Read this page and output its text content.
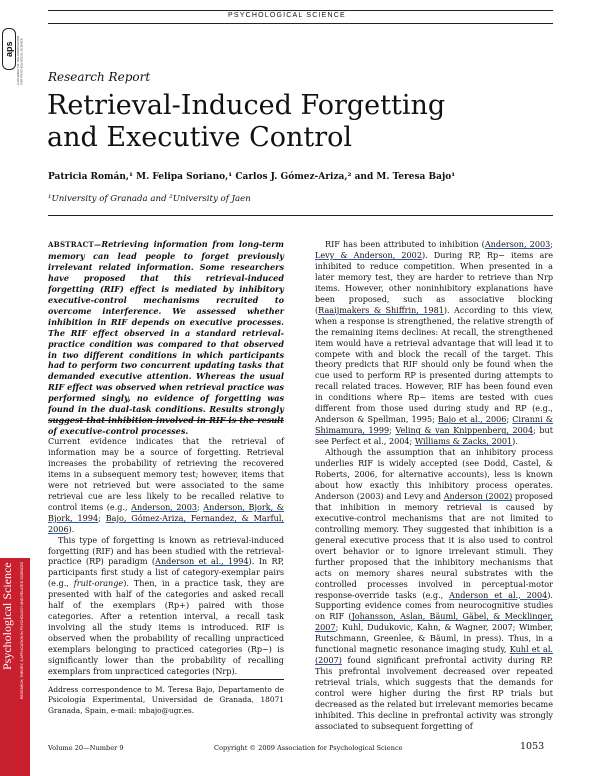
aps A JOURNAL OF THE ASSOCIATION FOR PSYCHOLOGICAL SCIENCE
Psychological Science RESEARCH, THEORY, & APPLICATION IN PSYCHOLOGY AND RELATED SCIENCES
PSYCHOLOGICAL SCIENCE
Research Report
Retrieval-Induced Forgetting
and Executive Control
Patricia Román,¹ M. Felipa Soriano,¹ Carlos J. Gómez-Ariza,² and M. Teresa Bajo¹
¹University of Granada and ²University of Jaen
ABSTRACT—Retrieving information from long-term memory can lead people to forget previously irrelevant related information. Some researchers have proposed that this retrieval-induced forgetting (RIF) effect is mediated by inhibitory executive-control mechanisms recruited to overcome interference. We assessed whether inhibition in RIF depends on executive processes. The RIF effect observed in a standard retrieval-practice condition was compared to that observed in two different conditions in which participants had to perform two concurrent updating tasks that demanded executive attention. Whereas the usual RIF effect was observed when retrieval practice was performed singly, no evidence of forgetting was found in the dual-task conditions. Results strongly suggest that inhibition involved in RIF is the result of executive-control processes.

Current evidence indicates that the retrieval of information may be a source of forgetting. Retrieval increases the probability of retrieving the recovered items in a subsequent memory test; however, items that were not retrieved but were associated to the same retrieval cue are less likely to be recalled relative to control items (e.g., Anderson, 2003; Anderson, Bjork, & Bjork, 1994; Bajo, Gómez-Ariza, Fernandez, & Marful, 2006).

This type of forgetting is known as retrieval-induced forgetting (RIF) and has been studied with the retrieval-practice (RP) paradigm (Anderson et al., 1994). In RP, participants first study a list of category-exemplar pairs (e.g., fruit-orange). Then, in a practice task, they are presented with half of the categories and asked recall half of the exemplars (Rp+) paired with those categories. After a retention interval, a recall task involving all the study items is introduced. RIF is observed when the probability of recalling unpracticed exemplars belonging to practiced categories (Rp−) is significantly lower than the probability of recalling exemplars from unpracticed categories (Nrp).

Address correspondence to M. Teresa Bajo, Departamento de Psicología Experimental, Universidad de Granada, 18071 Granada, Spain, e-mail: mbajo@ugr.es.

RIF has been attributed to inhibition (Anderson, 2003; Levy & Anderson, 2002). During RP, Rp− items are inhibited to reduce competition. When presented in a later memory test, they are harder to retrieve than Nrp items. However, other noninhibitory explanations have been proposed, such as associative blocking (Raaijmakers & Shiffrin, 1981). According to this view, when a response is strengthened, the relative strength of the remaining items declines: At recall, the strengthened item would have a retrieval advantage that will lead it to compete with and block the recall of the target. This theory predicts that RIF should only be found when the cue used to perform RP is presented during attempts to recall related traces. However, RIF has been found even in conditions where Rp− items are tested with cues different from those used during study and RP (e.g., Anderson & Spellman, 1995; Bajo et al., 2006; Ciranni & Shimamura, 1999; Veling & van Knippenberg, 2004; but see Perfect et al., 2004; Williams & Zacks, 2001).

Although the assumption that an inhibitory process underlies RIF is widely accepted (see Dodd, Castel, & Roberts, 2006, for alternative accounts), less is known about how exactly this inhibitory process operates. Anderson (2003) and Levy and Anderson (2002) proposed that inhibition in memory retrieval is caused by executive-control mechanisms that are not limited to controlling memory. They suggested that inhibition is a general executive process that it is also used to control overt behavior or to ignore irrelevant stimuli. They further proposed that the inhibitory mechanisms that acts on memory shares neural substrates with the controlled processes involved in perceptual-motor response-override tasks (e.g., Anderson et al., 2004). Supporting evidence comes from neurocognitive studies on RIF (Johansson, Aslan, Bäuml, Gäbel, & Mecklinger, 2007; Kuhl, Dudukovic, Kahn, & Wagner, 2007; Wimber, Rutschmann, Greenlee, & Bäuml, in press). Thus, in a functional magnetic resonance imaging study, Kuhl et al. (2007) found significant prefrontal activity during RP. This prefrontal involvement decreased over repeated retrieval trials, which suggests that the demands for control were higher during the first RP trials but decreased as the related but irrelevant memories became inhibited. This decline in prefrontal activity was strongly associated to subsequent forgetting of

Volume 20—Number 9	Copyright © 2009 Association for Psychological Science	1053
